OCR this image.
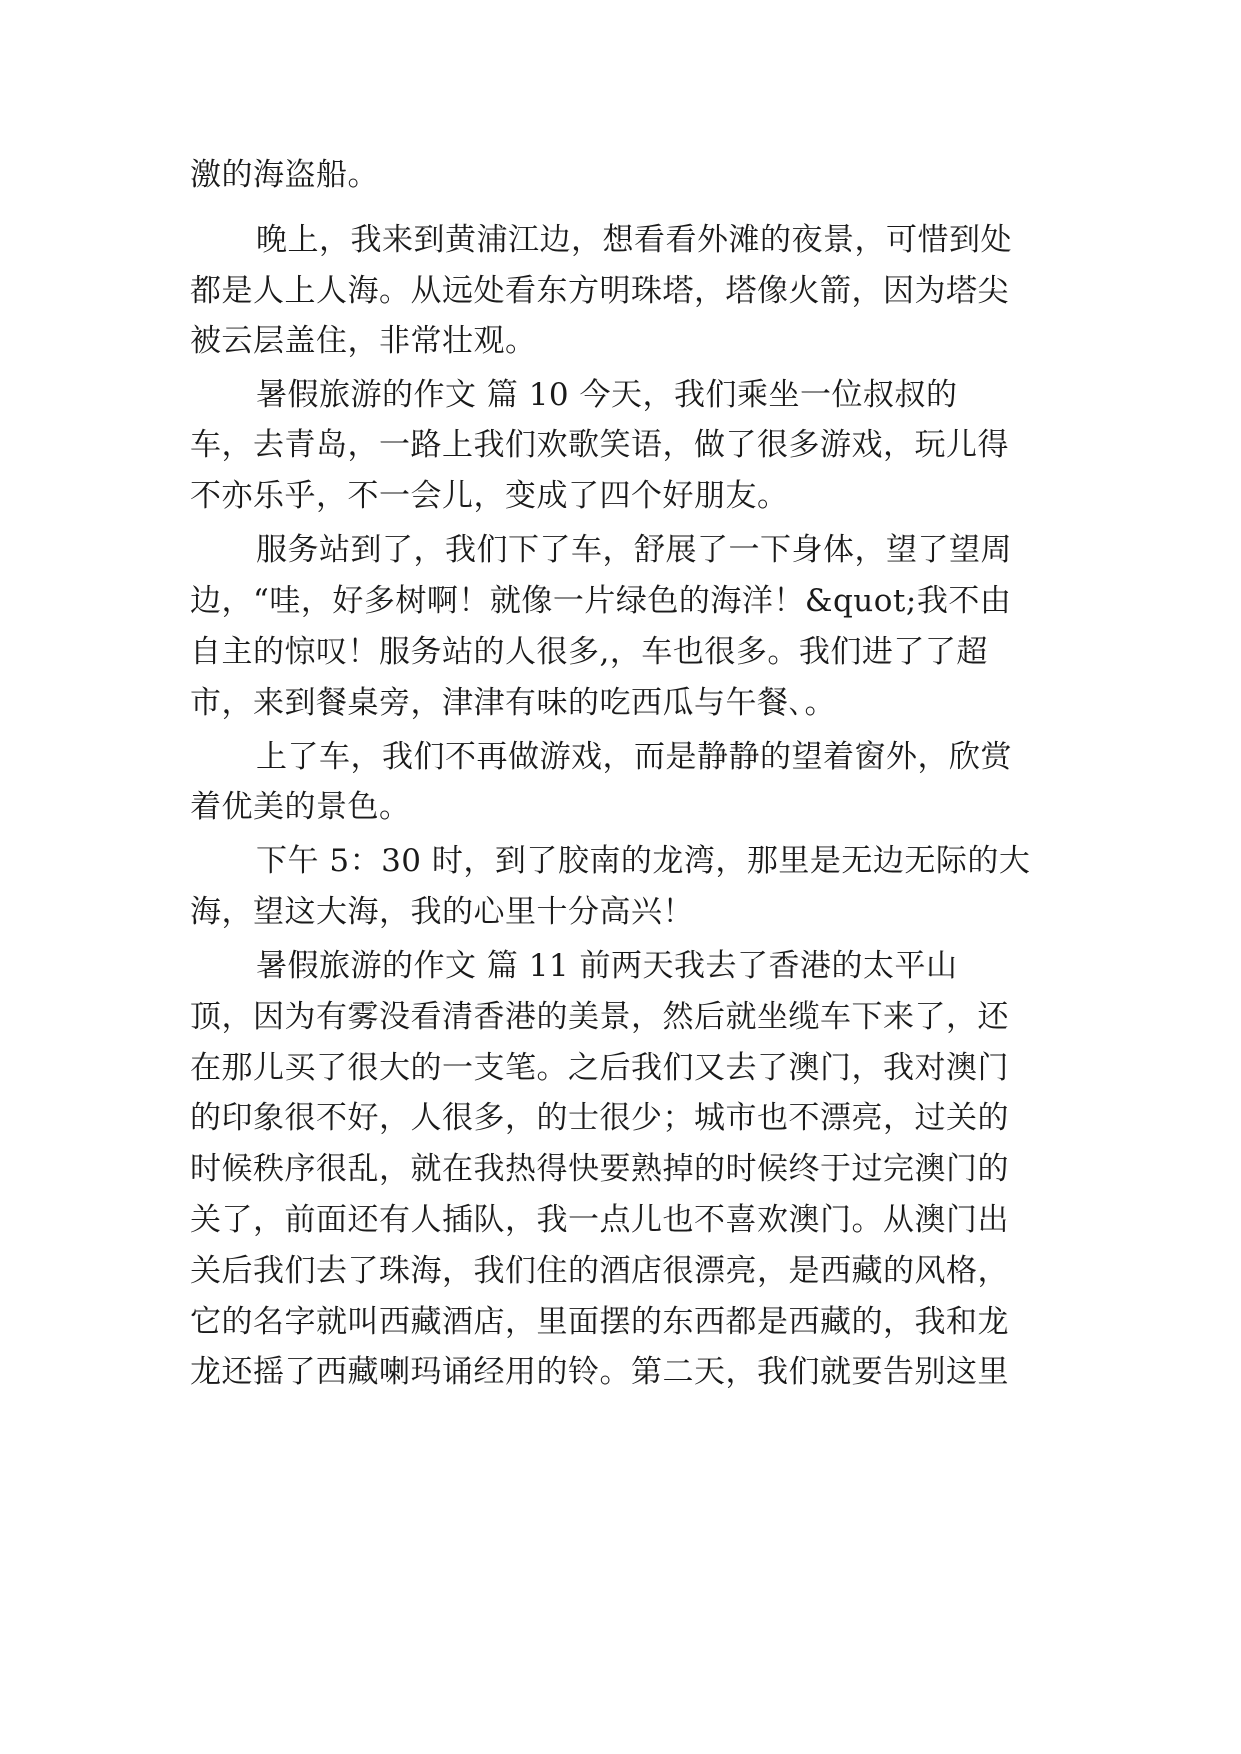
激的海盗船。
晚上，我来到黄浦江边，想看看外滩的夜景，可惜到处
都是人上人海。从远处看东方明珠塔，塔像火箭，因为塔尖
被云层盖住，非常壮观。
暑假旅游的作文 篇 10 今天，我们乘坐一位叔叔的
车，去青岛，一路上我们欢歌笑语，做了很多游戏，玩儿得
不亦乐乎，不一会儿，变成了四个好朋友。
服务站到了，我们下了车，舒展了一下身体，望了望周
边，“哇，好多树啊！就像一片绿色的海洋！&quot;我不由
自主的惊叹！服务站的人很多,，车也很多。我们进了了超
市，来到餐桌旁，津津有味的吃西瓜与午餐､。
上了车，我们不再做游戏，而是静静的望着窗外，欣赏
着优美的景色。
下午 5：30 时，到了胶南的龙湾，那里是无边无际的大
海，望这大海，我的心里十分高兴！
暑假旅游的作文 篇 11 前两天我去了香港的太平山
顶，因为有雾没看清香港的美景，然后就坐缆车下来了，还
在那儿买了很大的一支笔。之后我们又去了澳门，我对澳门
的印象很不好，人很多，的士很少；城市也不漂亮，过关的
时候秩序很乱，就在我热得快要熟掉的时候终于过完澳门的
关了，前面还有人插队，我一点儿也不喜欢澳门。从澳门出
关后我们去了珠海，我们住的酒店很漂亮，是西藏的风格，
它的名字就叫西藏酒店，里面摆的东西都是西藏的，我和龙
龙还摇了西藏喇玛诵经用的铃。第二天，我们就要告别这里
